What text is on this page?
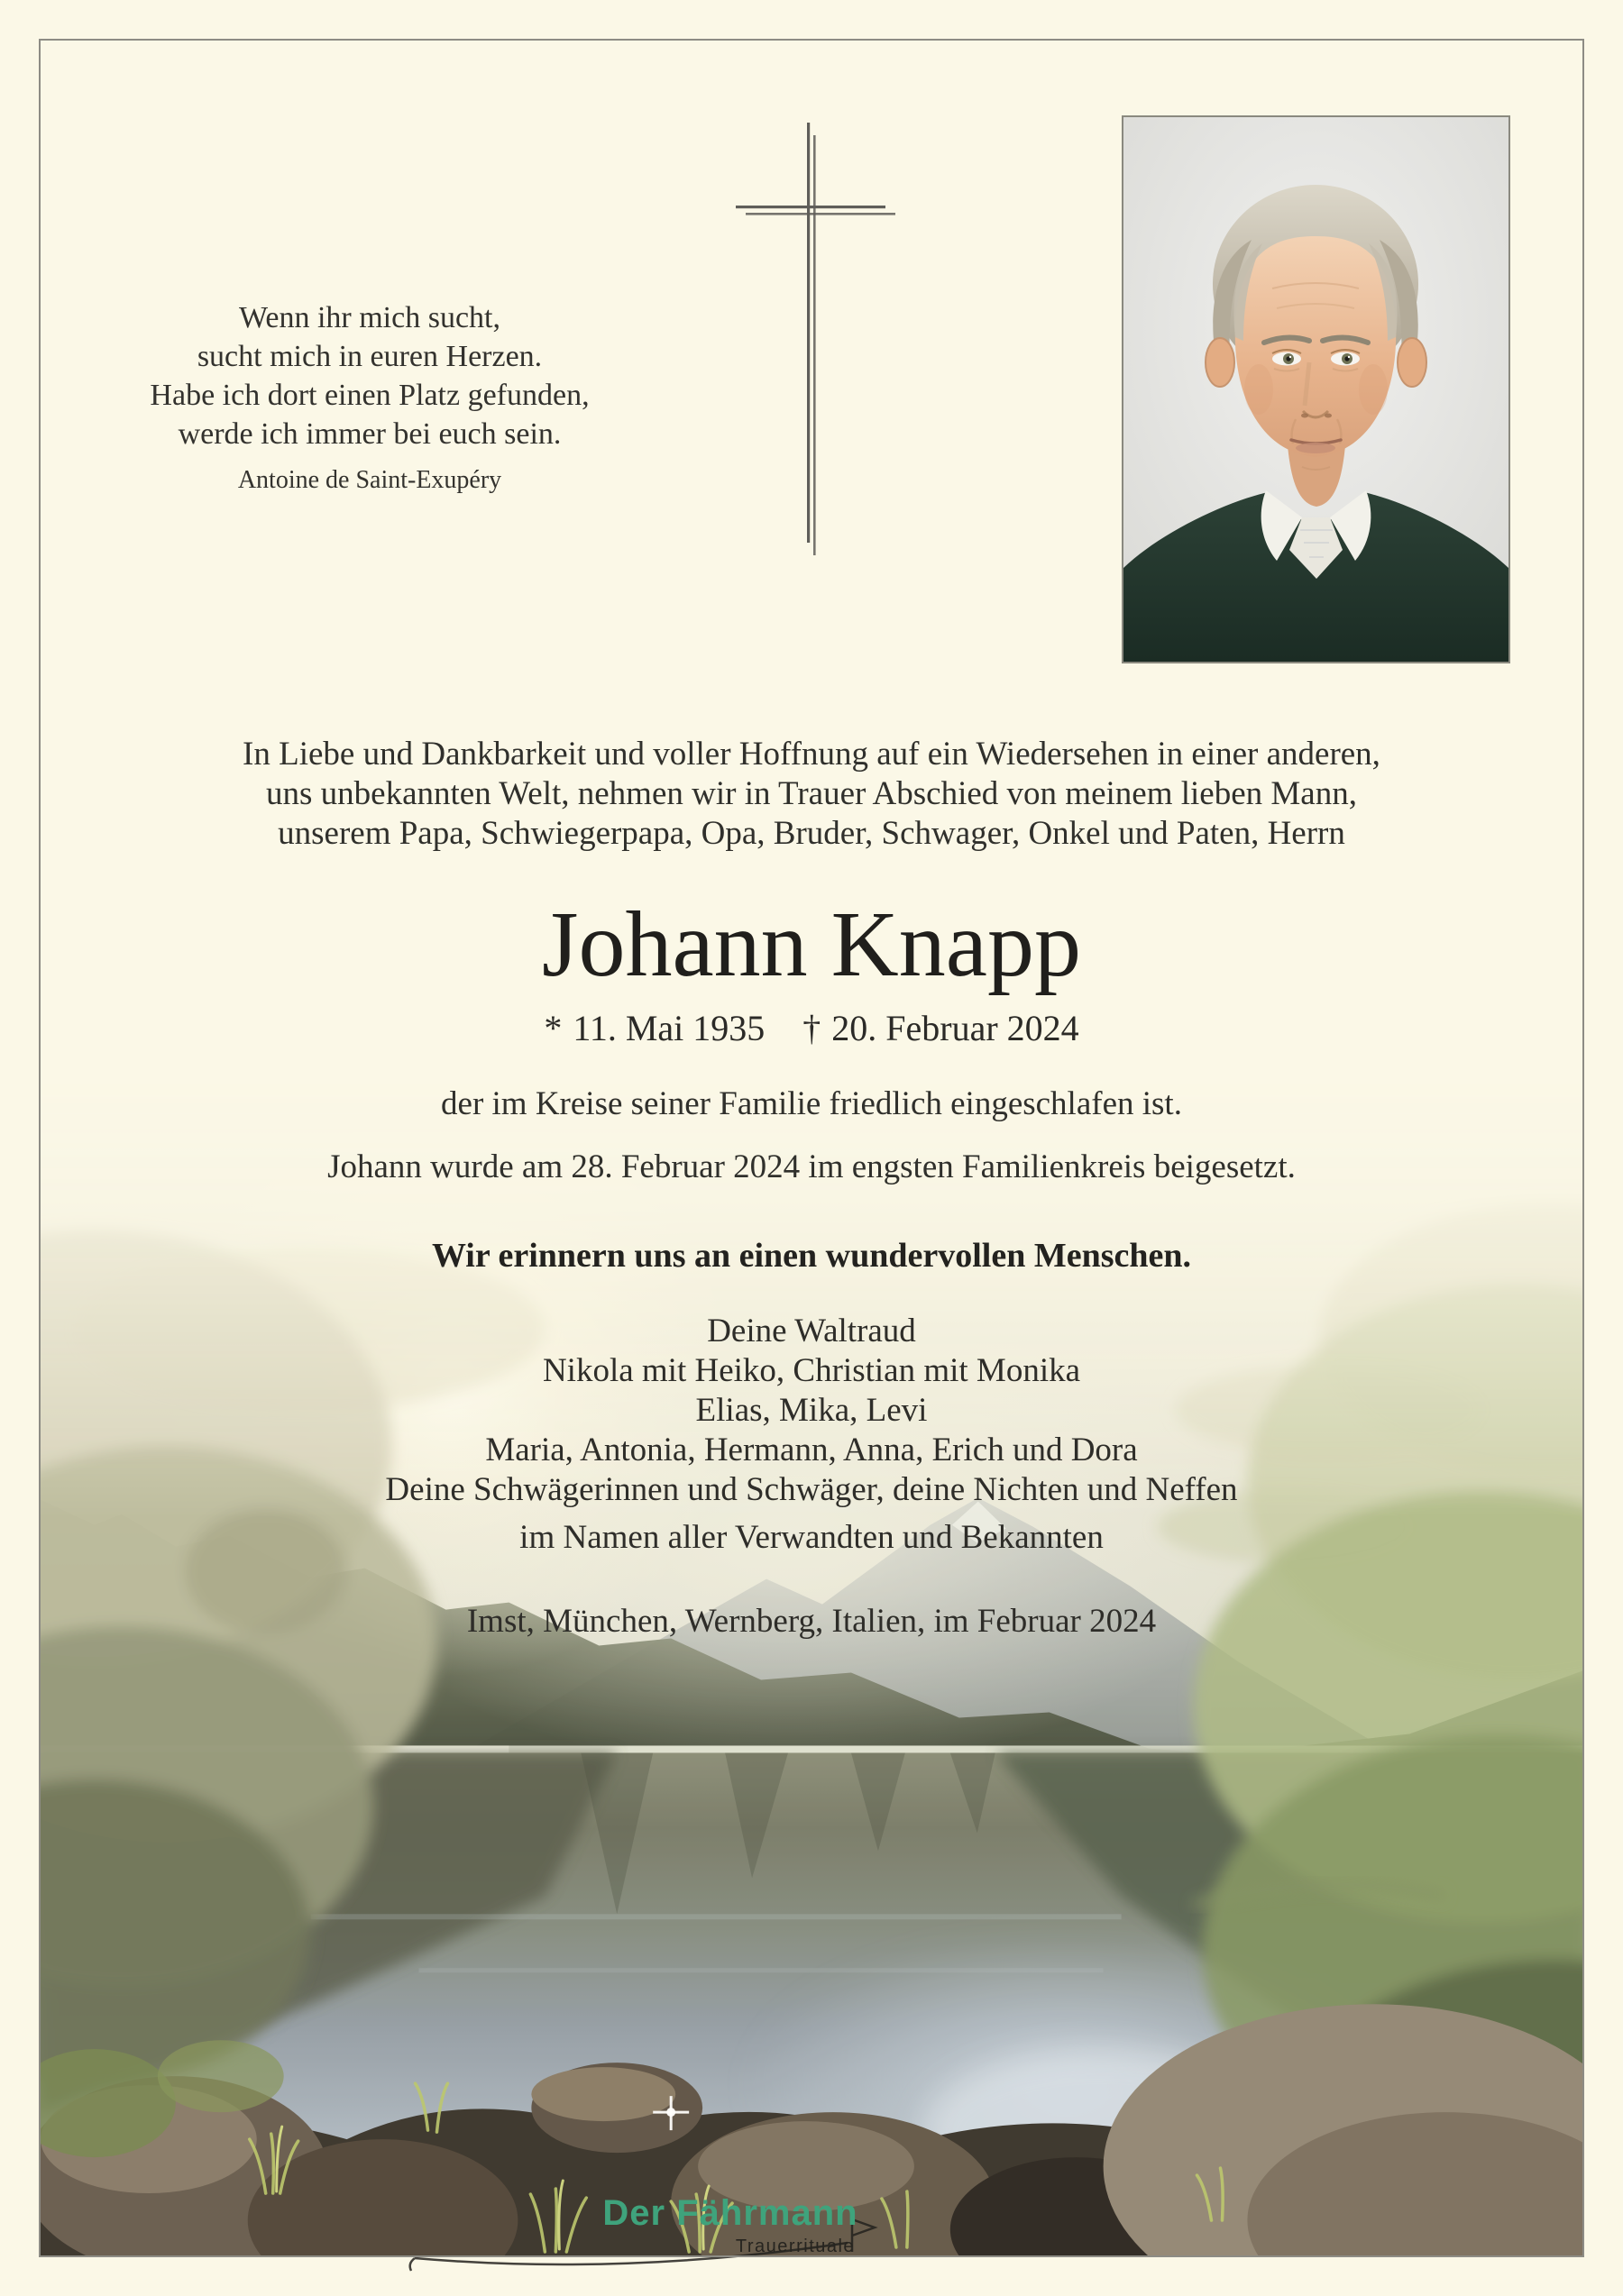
Wenn ihr mich sucht,
sucht mich in euren Herzen.
Habe ich dort einen Platz gefunden,
werde ich immer bei euch sein.
Antoine de Saint-Exupéry
In Liebe und Dankbarkeit und voller Hoffnung auf ein Wiedersehen in einer anderen,
uns unbekannten Welt, nehmen wir in Trauer Abschied von meinem lieben Mann,
unserem Papa, Schwiegerpapa, Opa, Bruder, Schwager, Onkel und Paten, Herrn
Johann Knapp
* 11. Mai 1935 † 20. Februar 2024
der im Kreise seiner Familie friedlich eingeschlafen ist.
Johann wurde am 28. Februar 2024 im engsten Familienkreis beigesetzt.
Wir erinnern uns an einen wundervollen Menschen.
Deine Waltraud
Nikola mit Heiko, Christian mit Monika
Elias, Mika, Levi
Maria, Antonia, Hermann, Anna, Erich und Dora
Deine Schwägerinnen und Schwäger, deine Nichten und Neffen
im Namen aller Verwandten und Bekannten
Imst, München, Wernberg, Italien, im Februar 2024
Der Fährmann
Trauerrituale
